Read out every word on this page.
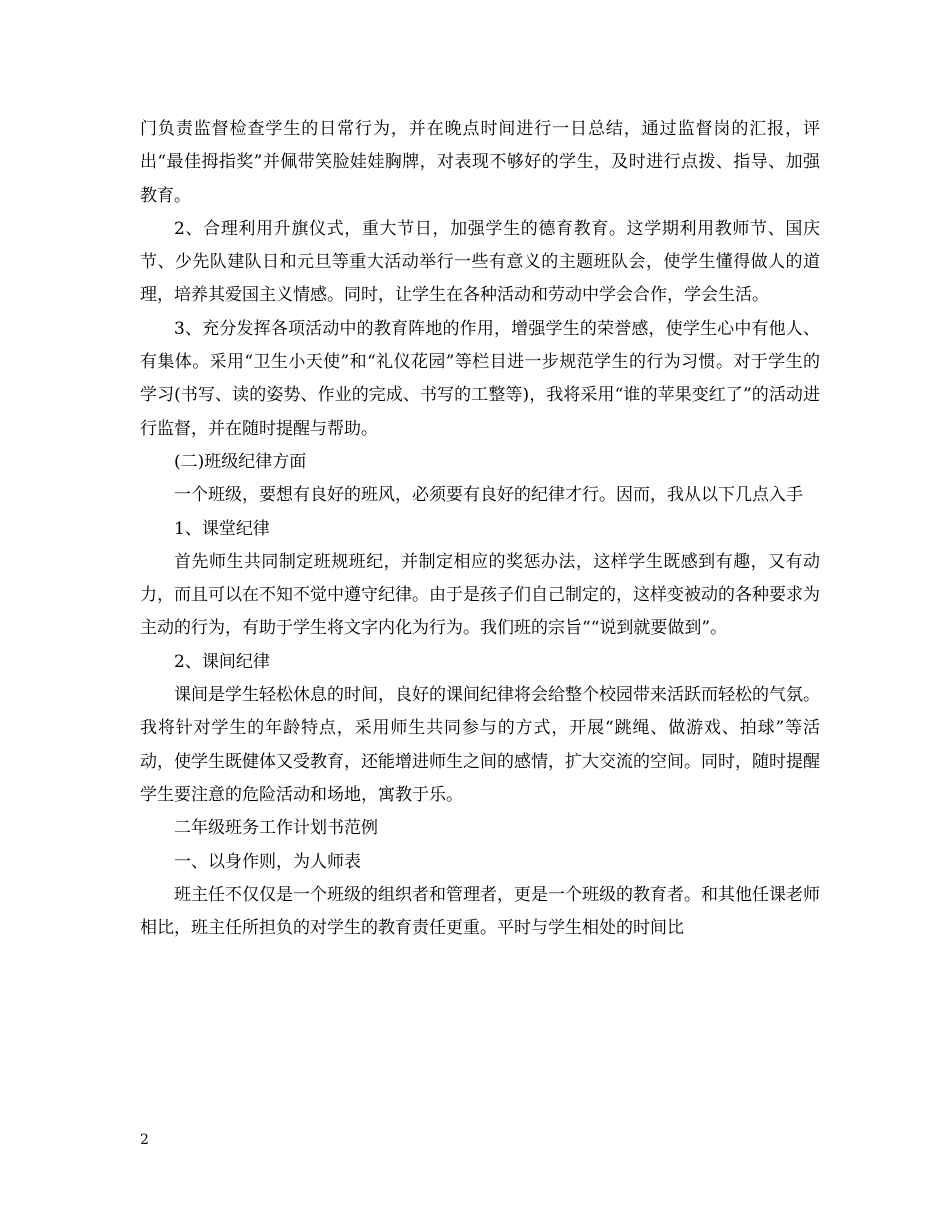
门负责监督检查学生的日常行为，并在晚点时间进行一日总结，通过监督岗的汇报，评出“最佳拇指奖”并佩带笑脸娃娃胸牌，对表现不够好的学生，及时进行点拨、指导、加强教育。

2、合理利用升旗仪式，重大节日，加强学生的德育教育。这学期利用教师节、国庆节、少先队建队日和元旦等重大活动举行一些有意义的主题班队会，使学生懂得做人的道理，培养其爱国主义情感。同时，让学生在各种活动和劳动中学会合作，学会生活。

3、充分发挥各项活动中的教育阵地的作用，增强学生的荣誉感，使学生心中有他人、有集体。采用“卫生小天使”和“礼仪花园”等栏目进一步规范学生的行为习惯。对于学生的学习(书写、读的姿势、作业的完成、书写的工整等)，我将采用“谁的苹果变红了”的活动进行监督，并在随时提醒与帮助。

(二)班级纪律方面

一个班级，要想有良好的班风，必须要有良好的纪律才行。因而，我从以下几点入手

1、课堂纪律

首先师生共同制定班规班纪，并制定相应的奖惩办法，这样学生既感到有趣，又有动力，而且可以在不知不觉中遵守纪律。由于是孩子们自己制定的，这样变被动的各种要求为主动的行为，有助于学生将文字内化为行为。我们班的宗旨““说到就要做到”。

2、课间纪律

课间是学生轻松休息的时间，良好的课间纪律将会给整个校园带来活跃而轻松的气氛。我将针对学生的年龄特点，采用师生共同参与的方式，开展“跳绳、做游戏、拍球”等活动，使学生既健体又受教育，还能增进师生之间的感情，扩大交流的空间。同时，随时提醒学生要注意的危险活动和场地，寓教于乐。

二年级班务工作计划书范例

一、以身作则，为人师表

班主任不仅仅是一个班级的组织者和管理者，更是一个班级的教育者。和其他任课老师相比，班主任所担负的对学生的教育责任更重。平时与学生相处的时间比

2
